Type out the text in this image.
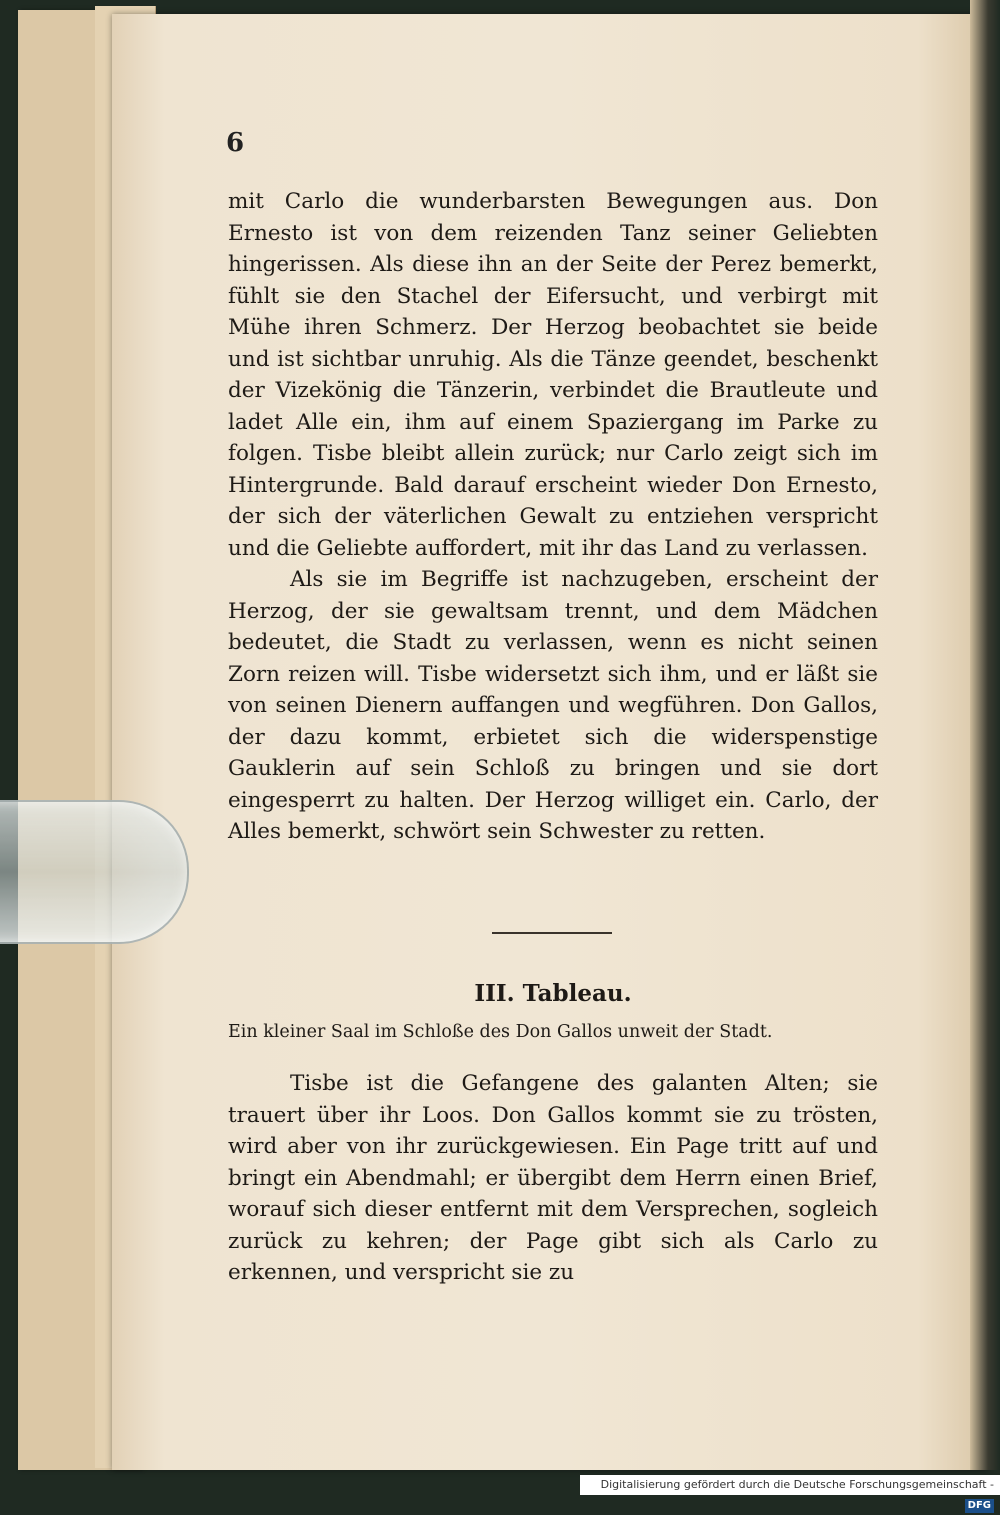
6

mit Carlo die wunderbarsten Bewegungen aus. Don Ernesto ist von dem reizenden Tanz seiner Geliebten hingerissen. Als diese ihn an der Seite der Perez bemerkt, fühlt sie den Stachel der Eifersucht, und verbirgt mit Mühe ihren Schmerz. Der Herzog beobachtet sie beide und ist sichtbar unruhig. Als die Tänze geendet, beschenkt der Vizekönig die Tänzerin, verbindet die Brautleute und ladet Alle ein, ihm auf einem Spaziergang im Parke zu folgen. Tisbe bleibt allein zurück; nur Carlo zeigt sich im Hintergrunde. Bald darauf erscheint wieder Don Ernesto, der sich der väterlichen Gewalt zu entziehen verspricht und die Geliebte auffordert, mit ihr das Land zu verlassen.

Als sie im Begriffe ist nachzugeben, erscheint der Herzog, der sie gewaltsam trennt, und dem Mädchen bedeutet, die Stadt zu verlassen, wenn es nicht seinen Zorn reizen will. Tisbe widersetzt sich ihm, und er läßt sie von seinen Dienern auffangen und wegführen. Don Gallos, der dazu kommt, erbietet sich die widerspenstige Gauklerin auf sein Schloß zu bringen und sie dort eingesperrt zu halten. Der Herzog williget ein. Carlo, der Alles bemerkt, schwört sein Schwester zu retten.

III. Tableau.
Ein kleiner Saal im Schloße des Don Gallos unweit der Stadt.

Tisbe ist die Gefangene des galanten Alten; sie trauert über ihr Loos. Don Gallos kommt sie zu trösten, wird aber von ihr zurückgewiesen. Ein Page tritt auf und bringt ein Abendmahl; er übergibt dem Herrn einen Brief, worauf sich dieser entfernt mit dem Versprechen, sogleich zurück zu kehren; der Page gibt sich als Carlo zu erkennen, und verspricht sie zu

Digitalisierung gefördert durch die Deutsche Forschungsgemeinschaft - DFG
